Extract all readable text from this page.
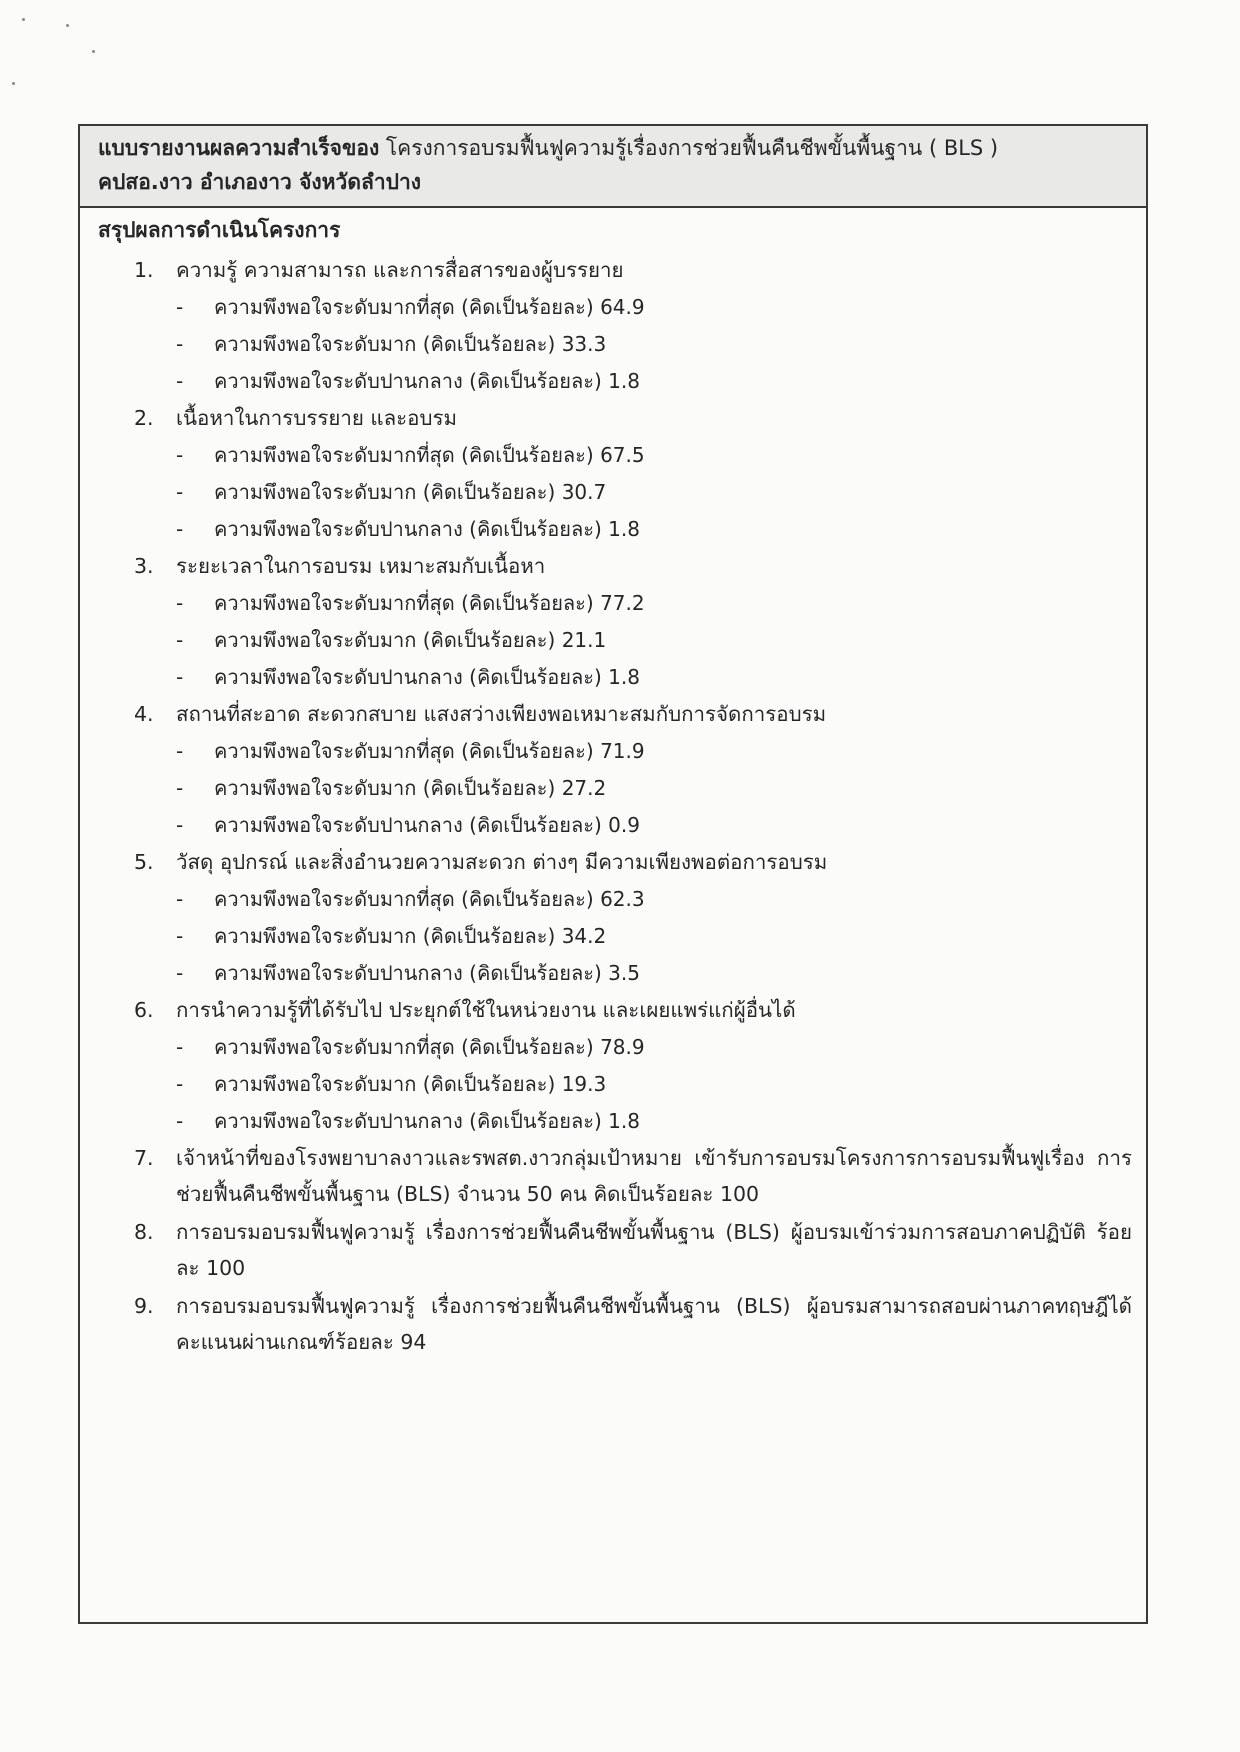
แบบรายงานผลความสำเร็จของ โครงการอบรมฟื้นฟูความรู้เรื่องการช่วยฟื้นคืนชีพขั้นพื้นฐาน ( BLS )
คปสอ.งาว อำเภองาว จังหวัดลำปาง
สรุปผลการดำเนินโครงการ
1.	ความรู้ ความสามารถ และการสื่อสารของผู้บรรยาย
- ความพึงพอใจระดับมากที่สุด (คิดเป็นร้อยละ) 64.9
- ความพึงพอใจระดับมาก (คิดเป็นร้อยละ) 33.3
- ความพึงพอใจระดับปานกลาง (คิดเป็นร้อยละ) 1.8
2.	เนื้อหาในการบรรยาย และอบรม
- ความพึงพอใจระดับมากที่สุด (คิดเป็นร้อยละ) 67.5
- ความพึงพอใจระดับมาก (คิดเป็นร้อยละ) 30.7
- ความพึงพอใจระดับปานกลาง (คิดเป็นร้อยละ) 1.8
3.	ระยะเวลาในการอบรม เหมาะสมกับเนื้อหา
- ความพึงพอใจระดับมากที่สุด (คิดเป็นร้อยละ) 77.2
- ความพึงพอใจระดับมาก (คิดเป็นร้อยละ) 21.1
- ความพึงพอใจระดับปานกลาง (คิดเป็นร้อยละ) 1.8
4.	สถานที่สะอาด สะดวกสบาย แสงสว่างเพียงพอเหมาะสมกับการจัดการอบรม
- ความพึงพอใจระดับมากที่สุด (คิดเป็นร้อยละ) 71.9
- ความพึงพอใจระดับมาก (คิดเป็นร้อยละ) 27.2
- ความพึงพอใจระดับปานกลาง (คิดเป็นร้อยละ) 0.9
5.	วัสดุ อุปกรณ์ และสิ่งอำนวยความสะดวก ต่างๆ มีความเพียงพอต่อการอบรม
- ความพึงพอใจระดับมากที่สุด (คิดเป็นร้อยละ) 62.3
- ความพึงพอใจระดับมาก (คิดเป็นร้อยละ) 34.2
- ความพึงพอใจระดับปานกลาง (คิดเป็นร้อยละ) 3.5
6.	การนำความรู้ที่ได้รับไป ประยุกต์ใช้ในหน่วยงาน และเผยแพร่แก่ผู้อื่นได้
- ความพึงพอใจระดับมากที่สุด (คิดเป็นร้อยละ) 78.9
- ความพึงพอใจระดับมาก (คิดเป็นร้อยละ) 19.3
- ความพึงพอใจระดับปานกลาง (คิดเป็นร้อยละ) 1.8
7.	เจ้าหน้าที่ของโรงพยาบาลงาวและรพสต.งาวกลุ่มเป้าหมาย เข้ารับการอบรมโครงการการอบรมฟื้นฟูเรื่อง การช่วยฟื้นคืนชีพขั้นพื้นฐาน (BLS) จำนวน 50 คน คิดเป็นร้อยละ 100
8.	การอบรมอบรมฟื้นฟูความรู้ เรื่องการช่วยฟื้นคืนชีพขั้นพื้นฐาน (BLS) ผู้อบรมเข้าร่วมการสอบภาคปฏิบัติ ร้อยละ 100
9.	การอบรมอบรมฟื้นฟูความรู้ เรื่องการช่วยฟื้นคืนชีพขั้นพื้นฐาน (BLS) ผู้อบรมสามารถสอบผ่านภาคทฤษฎีได้ คะแนนผ่านเกณฑ์ร้อยละ 94
